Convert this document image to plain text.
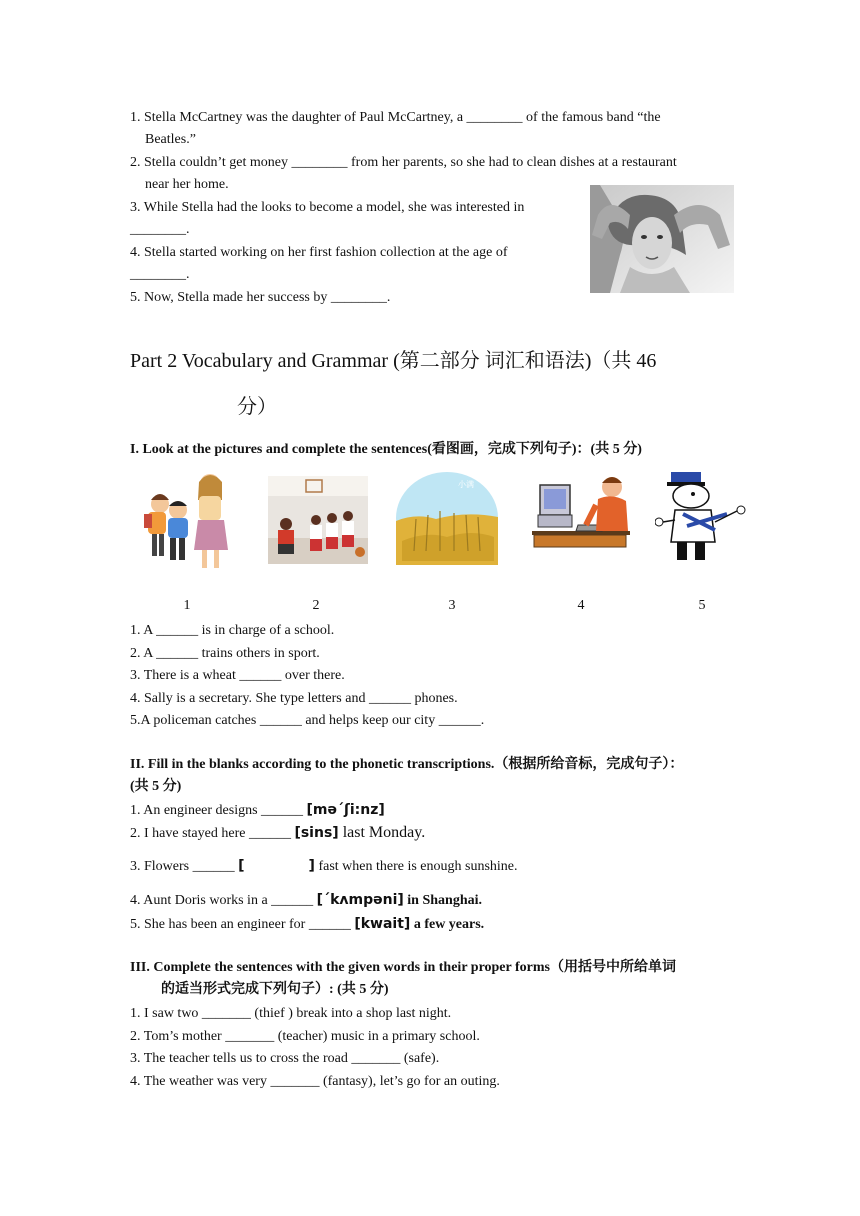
1. Stella McCartney was the daughter of Paul McCartney, a ________ of the famous band “the
Beatles.”
2. Stella couldn’t get money ________ from her parents, so she had to clean dishes at a restaurant
near her home.
3. While Stella had the looks to become a model, she was interested in
________.
4. Stella started working on her first fashion collection at the age of
________.
5. Now, Stella made her success by ________.
Part 2 Vocabulary and Grammar (第二部分 词汇和语法)（共 46
分）
I. Look at the pictures and complete the sentences(看图画，完成下列句子)：(共 5 分)
小满
1	2	3	4	5
1. A ______ is in charge of a school.
2. A ______ trains others in sport.
3. There is a wheat ______ over there.
4. Sally is a secretary. She type letters and ______ phones.
5.A policeman catches ______ and helps keep our city ______.
II. Fill in the blanks according to the phonetic transcriptions.（根据所给音标，完成句子）：
(共 5 分)
1. An engineer designs ______ [məˊʃi:nz]
2. I have stayed here ______ [sins] last Monday.
3. Flowers ______ [	] fast when there is enough sunshine.
4. Aunt Doris works in a ______ [ˊkʌmpəni] in Shanghai.
5. She has been an engineer for ______ [kwait] a few years.
III. Complete the sentences with the given words in their proper forms（用括号中所给单词
的适当形式完成下列句子）: (共 5 分)
1. I saw two _______ (thief ) break into a shop last night.
2. Tom’s mother _______ (teacher) music in a primary school.
3. The teacher tells us to cross the road _______ (safe).
4. The weather was very _______ (fantasy), let’s go for an outing.
